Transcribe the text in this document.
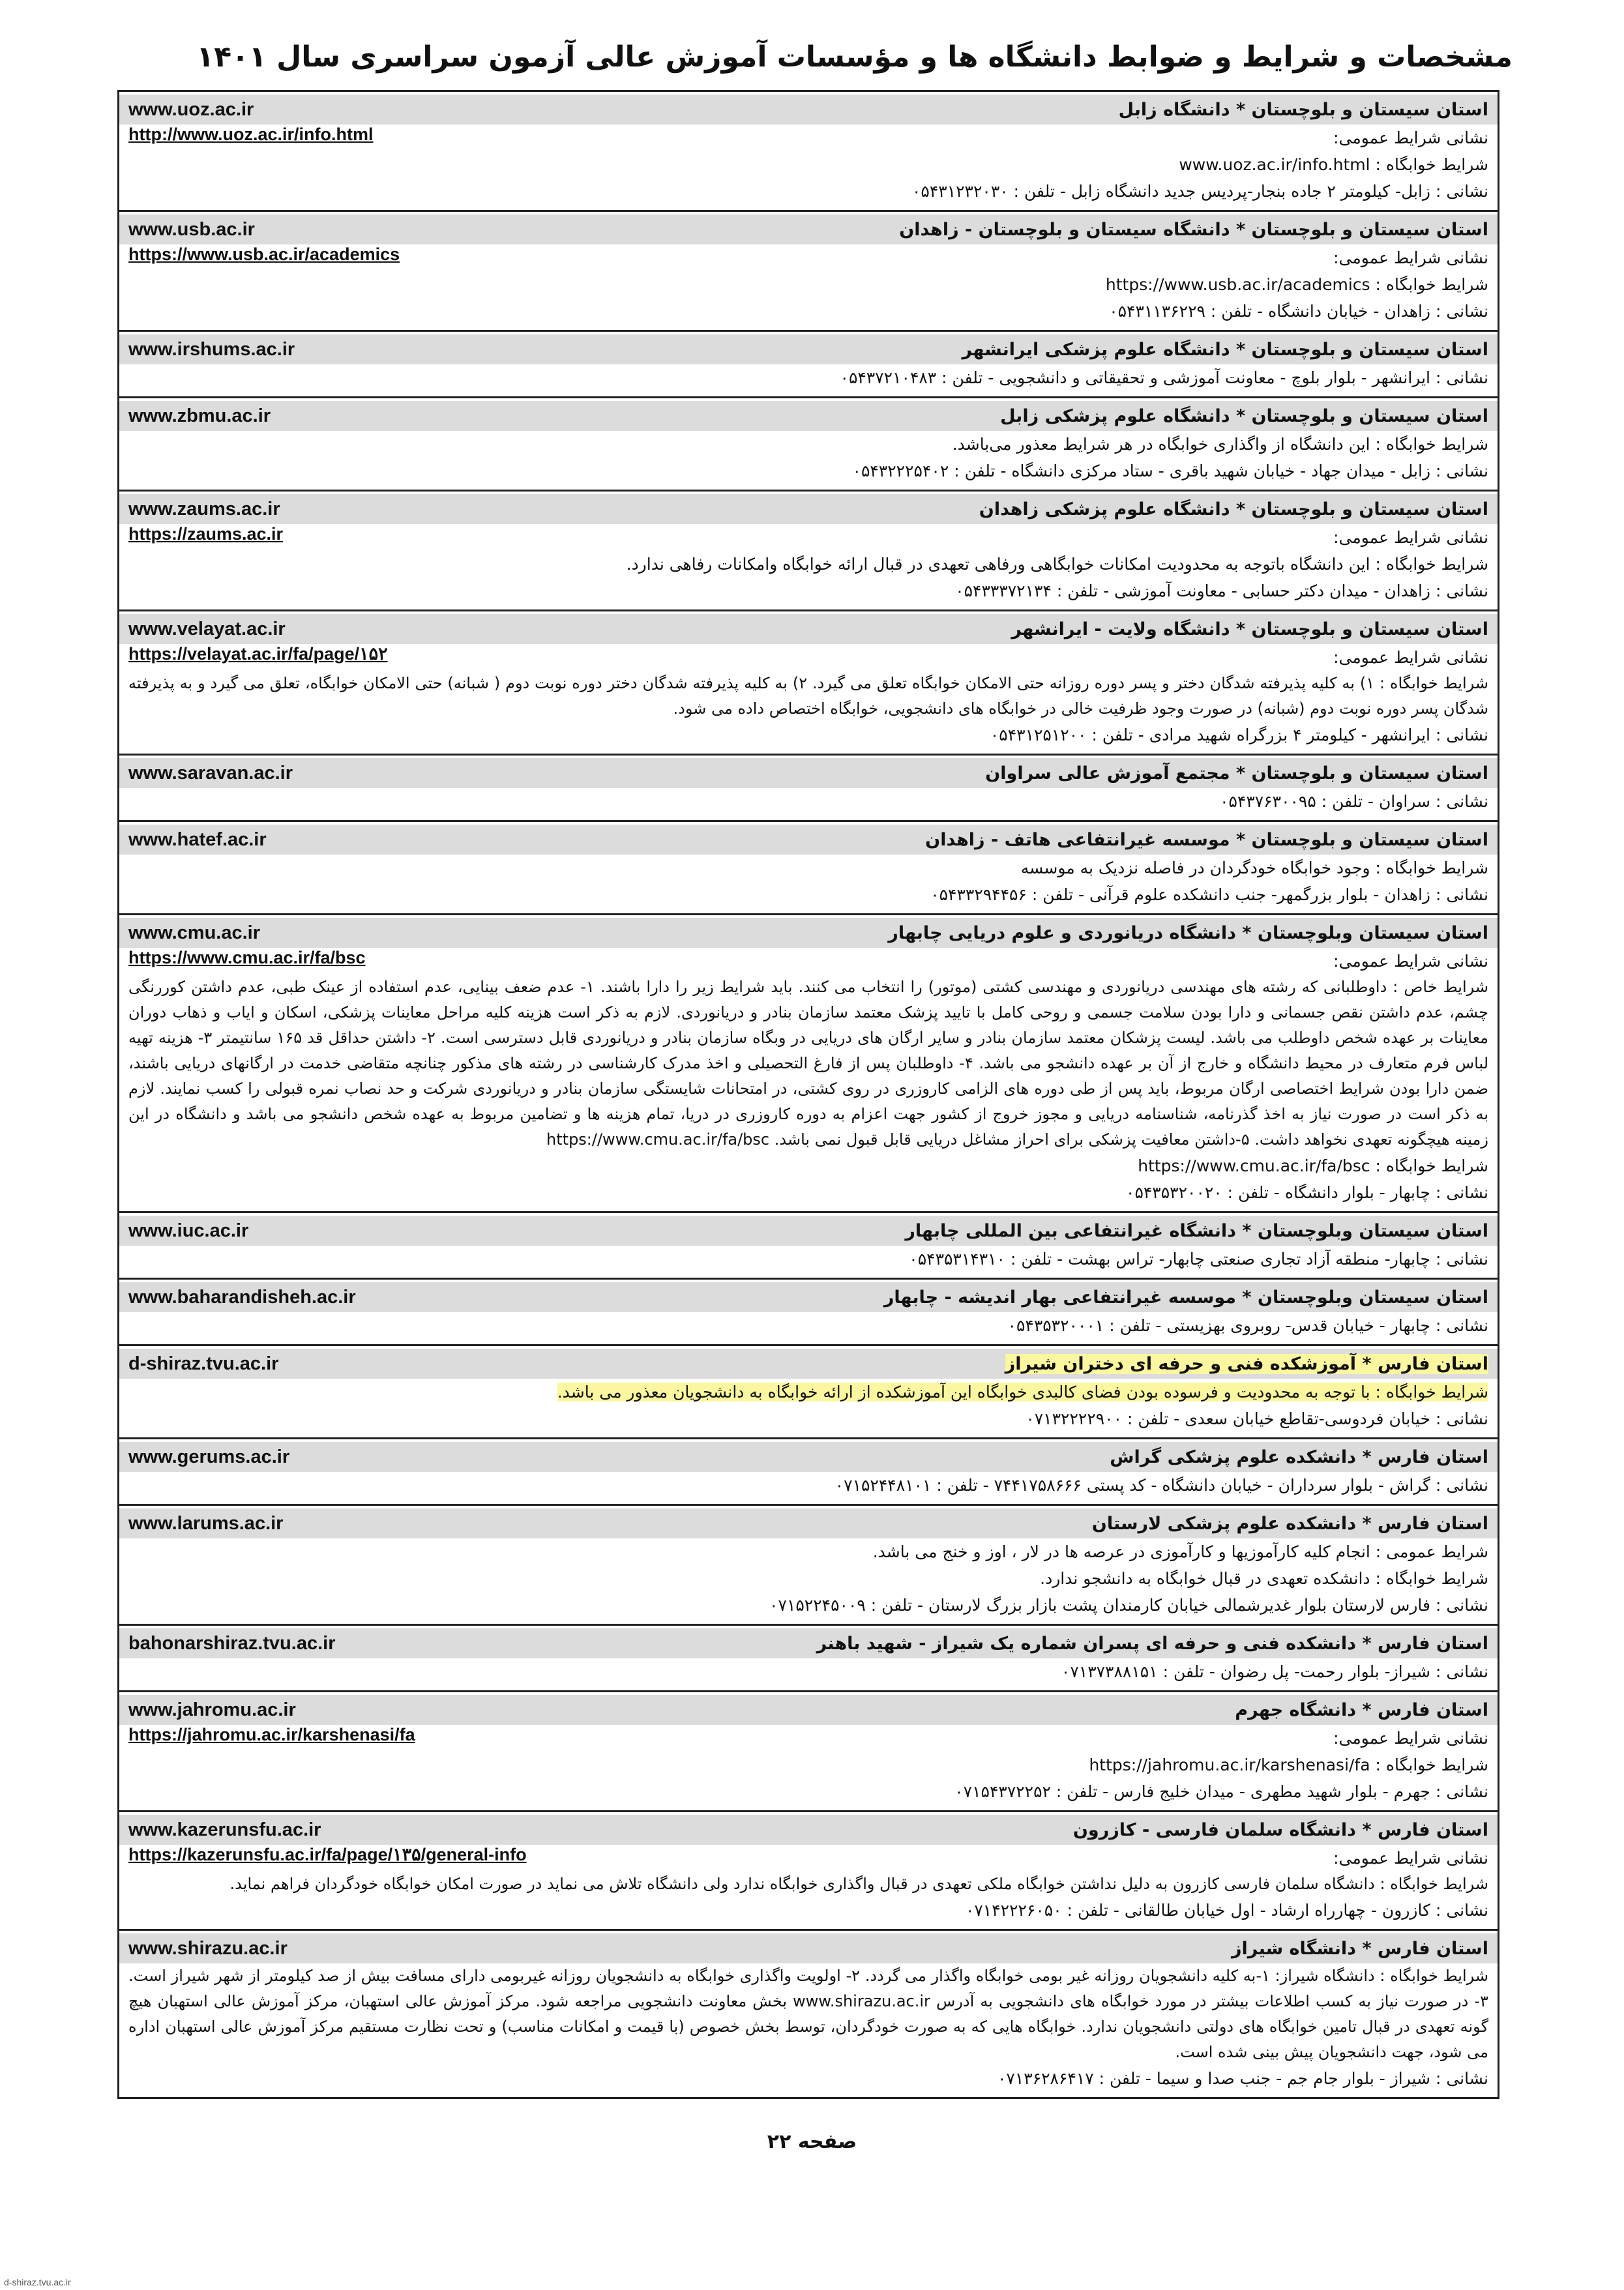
مشخصات و شرایط و ضوابط دانشگاه ها و مؤسسات آموزش عالی آزمون سراسری سال ۱۴۰۱
www.uoz.ac.ir	استان سیستان و بلوچستان * دانشگاه زابل
http://www.uoz.ac.ir/info.html	نشانی شرایط عمومی:
شرایط خوابگاه : www.uoz.ac.ir/info.html
نشانی : زابل- کیلومتر ۲ جاده بنجار-پردیس جدید دانشگاه زابل - تلفن : ۰۵۴۳۱۲۳۲۰۳۰
www.usb.ac.ir	استان سیستان و بلوچستان * دانشگاه سیستان و بلوچستان - زاهدان
https://www.usb.ac.ir/academics	نشانی شرایط عمومی:
شرایط خوابگاه : https://www.usb.ac.ir/academics
نشانی : زاهدان - خیابان دانشگاه - تلفن : ۰۵۴۳۱۱۳۶۲۲۹
www.irshums.ac.ir	استان سیستان و بلوچستان * دانشگاه علوم پزشکی ایرانشهر
نشانی : ایرانشهر - بلوار بلوچ - معاونت آموزشی و تحقیقاتی و دانشجویی - تلفن : ۰۵۴۳۷۲۱۰۴۸۳
www.zbmu.ac.ir	استان سیستان و بلوچستان * دانشگاه علوم پزشکی زابل
شرایط خوابگاه : این دانشگاه از واگذاری خوابگاه در هر شرایط معذور می‌باشد.
نشانی : زابل - میدان جهاد - خیابان شهید باقری - ستاد مرکزی دانشگاه - تلفن : ۰۵۴۳۲۲۲۵۴۰۲
www.zaums.ac.ir	استان سیستان و بلوچستان * دانشگاه علوم پزشکی زاهدان
https://zaums.ac.ir	نشانی شرایط عمومی:
شرایط خوابگاه : این دانشگاه باتوجه به محدودیت امکانات خوابگاهی ورفاهی تعهدی در قبال ارائه خوابگاه وامکانات رفاهی ندارد.
نشانی : زاهدان - میدان دکتر حسابی - معاونت آموزشی - تلفن : ۰۵۴۳۳۳۷۲۱۳۴
www.velayat.ac.ir	استان سیستان و بلوچستان * دانشگاه ولایت - ایرانشهر
https://velayat.ac.ir/fa/page/۱۵۲	نشانی شرایط عمومی:
شرایط خوابگاه : ۱) به کلیه پذیرفته شدگان دختر و پسر دوره روزانه حتی الامکان خوابگاه تعلق می گیرد. ۲) به کلیه پذیرفته شدگان دختر دوره نوبت دوم ( شبانه) حتی الامکان خوابگاه، تعلق می گیرد و به پذیرفته شدگان پسر دوره نوبت دوم (شبانه) در صورت وجود ظرفیت خالی در خوابگاه های دانشجویی، خوابگاه اختصاص داده می شود.
نشانی : ایرانشهر - کیلومتر ۴ بزرگراه شهید مرادی - تلفن : ۰۵۴۳۱۲۵۱۲۰۰
www.saravan.ac.ir	استان سیستان و بلوچستان * مجتمع آموزش عالی سراوان
نشانی : سراوان - تلفن : ۰۵۴۳۷۶۳۰۰۹۵
www.hatef.ac.ir	استان سیستان و بلوچستان * موسسه غیرانتفاعی هاتف - زاهدان
شرایط خوابگاه : وجود خوابگاه خودگردان در فاصله نزدیک به موسسه
نشانی : زاهدان - بلوار بزرگمهر- جنب دانشکده علوم قرآنی - تلفن : ۰۵۴۳۳۲۹۴۴۵۶
www.cmu.ac.ir	استان سیستان وبلوچستان * دانشگاه دریانوردی و علوم دریایی چابهار
https://www.cmu.ac.ir/fa/bsc	نشانی شرایط عمومی:
شرایط خاص : داوطلبانی که رشته های مهندسی دریانوردی و مهندسی کشتی (موتور) را انتخاب می کنند. باید شرایط زیر را دارا باشند. ۱- عدم ضعف بینایی، عدم استفاده از عینک طبی، عدم داشتن کوررنگی چشم، عدم داشتن نقص جسمانی و دارا بودن سلامت جسمی و روحی کامل با تایید پزشک معتمد سازمان بنادر و دریانوردی. لازم به ذکر است هزینه کلیه مراحل معاینات پزشکی، اسکان و ایاب و ذهاب دوران معاینات بر عهده شخص داوطلب می باشد. لیست پزشکان معتمد سازمان بنادر و سایر ارگان های دریایی در وبگاه سازمان بنادر و دریانوردی قابل دسترسی است. ۲- داشتن حداقل قد ۱۶۵ سانتیمتر ۳- هزینه تهیه لباس فرم متعارف در محیط دانشگاه و خارج از آن بر عهده دانشجو می باشد. ۴- داوطلبان پس از فارغ التحصیلی و اخذ مدرک کارشناسی در رشته های مذکور چنانچه متقاضی خدمت در ارگانهای دریایی باشند، ضمن دارا بودن شرایط اختصاصی ارگان مربوط، باید پس از طی دوره های الزامی کاروزری در روی کشتی، در امتحانات شایستگی سازمان بنادر و دریانوردی شرکت و حد نصاب نمره قبولی را کسب نمایند. لازم به ذکر است در صورت نیاز به اخذ گذرنامه، شناسنامه دریایی و مجوز خروج از کشور جهت اعزام به دوره کاروزری در دریا، تمام هزینه ها و تضامین مربوط به عهده شخص دانشجو می باشد و دانشگاه در این زمینه هیچگونه تعهدی نخواهد داشت. ۵-داشتن معافیت پزشکی برای احراز مشاغل دریایی قابل قبول نمی باشد. https://www.cmu.ac.ir/fa/bsc
شرایط خوابگاه : https://www.cmu.ac.ir/fa/bsc
نشانی : چابهار - بلوار دانشگاه - تلفن : ۰۵۴۳۵۳۲۰۰۲۰
www.iuc.ac.ir	استان سیستان وبلوچستان * دانشگاه غیرانتفاعی بین المللی چابهار
نشانی : چابهار- منطقه آزاد تجاری صنعتی چابهار- تراس بهشت - تلفن : ۰۵۴۳۵۳۱۴۳۱۰
www.baharandisheh.ac.ir	استان سیستان وبلوچستان * موسسه غیرانتفاعی بهار اندیشه - چابهار
نشانی : چابهار - خیابان قدس- روبروی بهزیستی - تلفن : ۰۵۴۳۵۳۲۰۰۰۱
d-shiraz.tvu.ac.ir	استان فارس * آموزشکده فنی و حرفه ای دختران شیراز
شرایط خوابگاه : با توجه به محدودیت و فرسوده بودن فضای کالبدی خوابگاه این آموزشکده از ارائه خوابگاه به دانشجویان معذور می باشد.
نشانی : خیابان فردوسی-تقاطع خیابان سعدی - تلفن : ۰۷۱۳۲۲۲۲۹۰۰
www.gerums.ac.ir	استان فارس * دانشکده علوم پزشکی گراش
نشانی : گراش - بلوار سرداران - خیابان دانشگاه - کد پستی ۷۴۴۱۷۵۸۶۶۶ - تلفن : ۰۷۱۵۲۴۴۸۱۰۱
www.larums.ac.ir	استان فارس * دانشکده علوم پزشکی لارستان
شرایط عمومی : انجام کلیه کارآموزیها و کارآموزی در عرصه ها در لار ، اوز و خنج می باشد.
شرایط خوابگاه : دانشکده تعهدی در قبال خوابگاه به دانشجو ندارد.
نشانی : فارس لارستان بلوار غدیرشمالی خیابان کارمندان پشت بازار بزرگ لارستان - تلفن : ۰۷۱۵۲۲۴۵۰۰۹
bahonarshiraz.tvu.ac.ir	استان فارس * دانشکده فنی و حرفه ای پسران شماره یک شیراز - شهید باهنر
نشانی : شیراز- بلوار رحمت- پل رضوان - تلفن : ۰۷۱۳۷۳۸۸۱۵۱
www.jahromu.ac.ir	استان فارس * دانشگاه جهرم
https://jahromu.ac.ir/karshenasi/fa	نشانی شرایط عمومی:
شرایط خوابگاه : https://jahromu.ac.ir/karshenasi/fa
نشانی : جهرم - بلوار شهید مطهری - میدان خلیج فارس - تلفن : ۰۷۱۵۴۳۷۲۲۵۲
www.kazerunsfu.ac.ir	استان فارس * دانشگاه سلمان فارسی - کازرون
https://kazerunsfu.ac.ir/fa/page/۱۳۵/general-info	نشانی شرایط عمومی:
شرایط خوابگاه : دانشگاه سلمان فارسی کازرون به دلیل نداشتن خوابگاه ملکی تعهدی در قبال واگذاری خوابگاه ندارد ولی دانشگاه تلاش می نماید در صورت امکان خوابگاه خودگردان فراهم نماید.
نشانی : کازرون - چهارراه ارشاد - اول خیابان طالقانی - تلفن : ۰۷۱۴۲۲۲۶۰۵۰
www.shirazu.ac.ir	استان فارس * دانشگاه شیراز
شرایط خوابگاه : دانشگاه شیراز: ۱-به کلیه دانشجویان روزانه غیر بومی خوابگاه واگذار می گردد. ۲- اولویت واگذاری خوابگاه به دانشجویان روزانه غیربومی دارای مسافت بیش از صد کیلومتر از شهر شیراز است. ۳- در صورت نیاز به کسب اطلاعات بیشتر در مورد خوابگاه های دانشجویی به آدرس www.shirazu.ac.ir بخش معاونت دانشجویی مراجعه شود. مرکز آموزش عالی استهبان، مرکز آموزش عالی استهبان هیچ گونه تعهدی در قبال تامین خوابگاه های دولتی دانشجویان ندارد. خوابگاه هایی که به صورت خودگردان، توسط بخش خصوص (با قیمت و امکانات مناسب) و تحت نظارت مستقیم مرکز آموزش عالی استهبان اداره می شود، جهت دانشجویان پیش بینی شده است.
نشانی : شیراز - بلوار جام جم - جنب صدا و سیما - تلفن : ۰۷۱۳۶۲۸۶۴۱۷
صفحه ۲۲
d-shiraz.tvu.ac.ir
